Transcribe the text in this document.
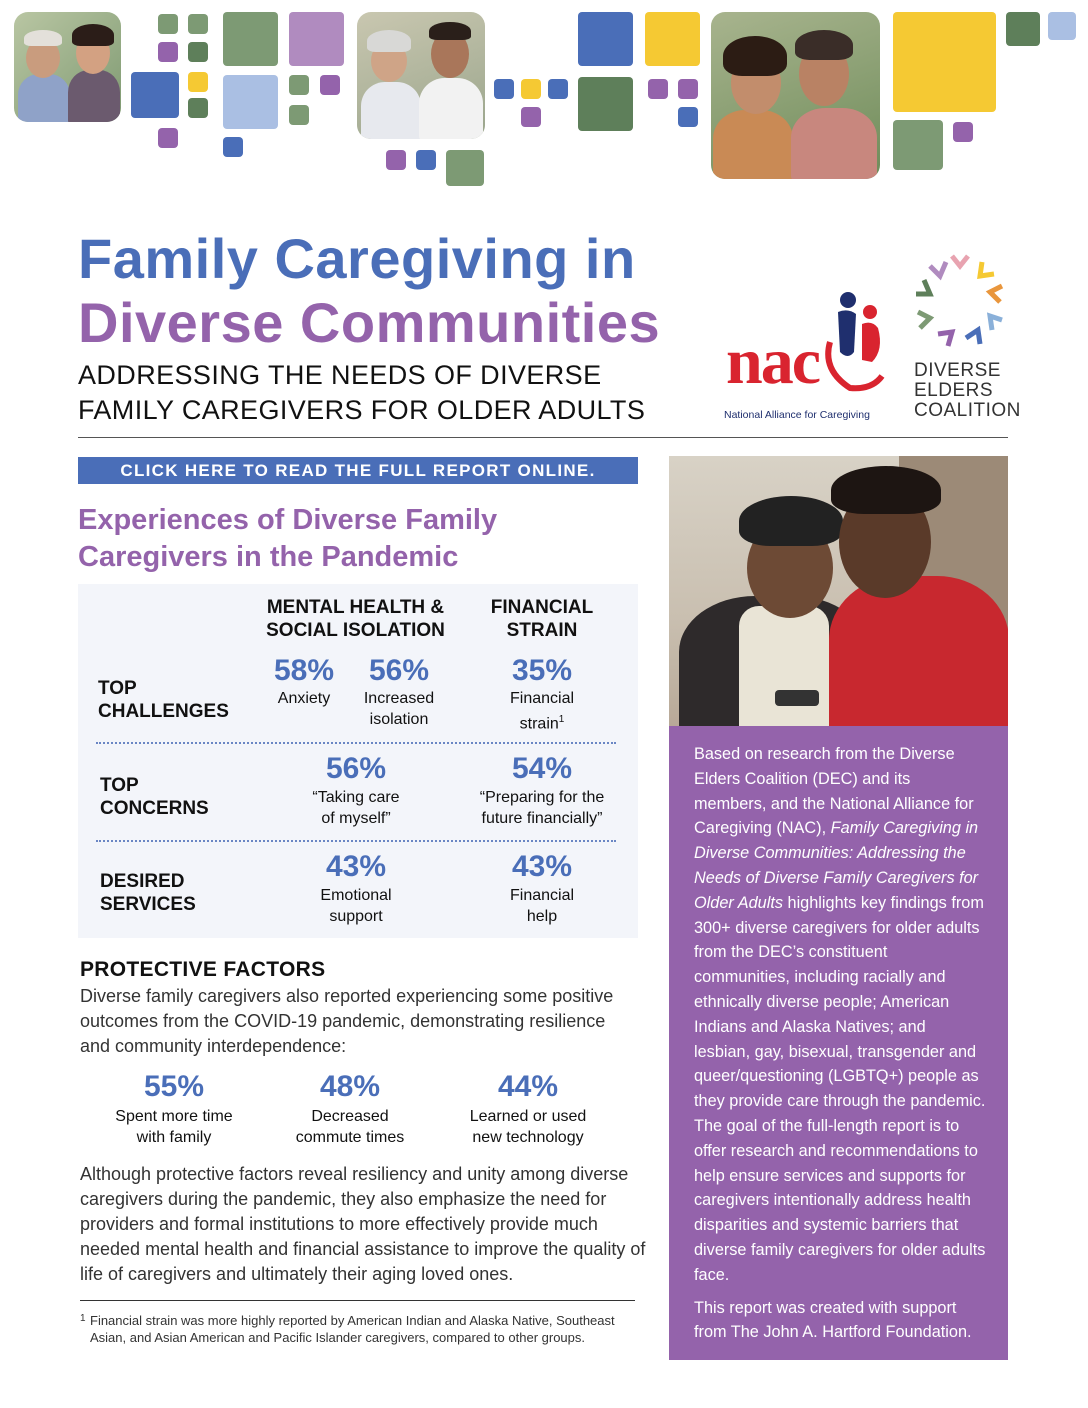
Family Caregiving in
Diverse Communities
ADDRESSING THE NEEDS OF DIVERSE
FAMILY CAREGIVERS FOR OLDER ADULTS
nac
National Alliance for Caregiving
DIVERSE
ELDERS
COALITION
CLICK HERE TO READ THE FULL REPORT ONLINE.
Experiences of Diverse Family
Caregivers in the Pandemic
MENTAL HEALTH &
SOCIAL ISOLATION
FINANCIAL
STRAIN
TOP
CHALLENGES
58%
Anxiety
56%
Increased
isolation
35%
Financial
strain$^1$
TOP
CONCERNS
56%
“Taking care
of myself”
54%
“Preparing for the
future financially”
DESIRED
SERVICES
43%
Emotional
support
43%
Financial
help
PROTECTIVE FACTORS
Diverse family caregivers also reported experiencing some positive outcomes from the COVID-19 pandemic, demonstrating resilience and community interdependence:
55%
Spent more time
with family
48%
Decreased
commute times
44%
Learned or used
new technology
Although protective factors reveal resiliency and unity among diverse caregivers during the pandemic, they also emphasize the need for providers and formal institutions to more effectively provide much needed mental health and financial assistance to improve the quality of life of caregivers and ultimately their aging loved ones.
1 Financial strain was more highly reported by American Indian and Alaska Native, Southeast Asian, and Asian American and Pacific Islander caregivers, compared to other groups.

Based on research from the Diverse Elders Coalition (DEC) and its members, and the National Alliance for Caregiving (NAC), Family Caregiving in Diverse Communities: Addressing the Needs of Diverse Family Caregivers for Older Adults highlights key findings from 300+ diverse caregivers for older adults from the DEC’s constituent communities, including racially and ethnically diverse people; American Indians and Alaska Natives; and lesbian, gay, bisexual, transgender and queer/questioning (LGBTQ+) people as they provide care through the pandemic. The goal of the full-length report is to offer research and recommendations to help ensure services and supports for caregivers intentionally address health disparities and systemic barriers that diverse family caregivers for older adults face.

This report was created with support from The John A. Hartford Foundation.
